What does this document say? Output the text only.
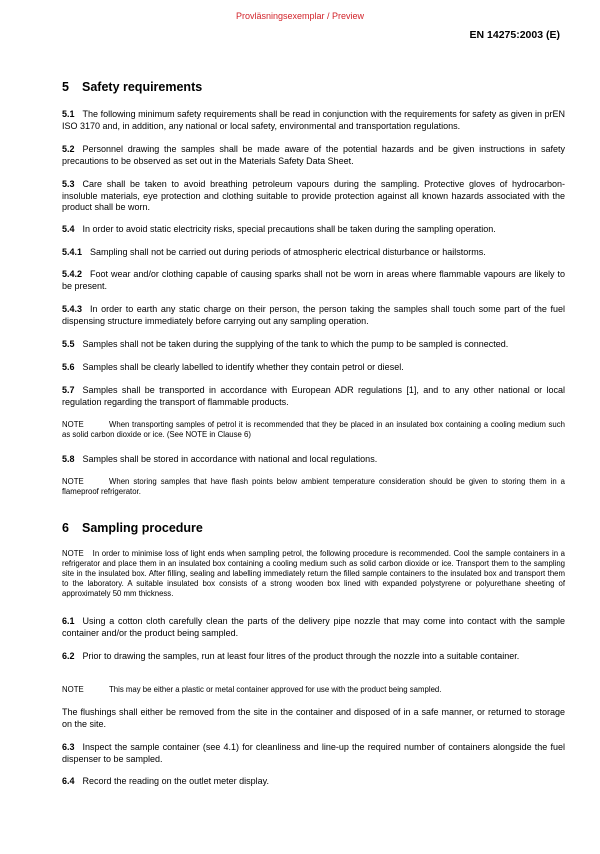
Provläsningsexemplar / Preview
EN 14275:2003 (E)
5 Safety requirements
5.1 The following minimum safety requirements shall be read in conjunction with the requirements for safety as given in prEN ISO 3170 and, in addition, any national or local safety, environmental and transportation regulations.
5.2 Personnel drawing the samples shall be made aware of the potential hazards and be given instructions in safety precautions to be observed as set out in the Materials Safety Data Sheet.
5.3 Care shall be taken to avoid breathing petroleum vapours during the sampling. Protective gloves of hydrocarbon-insoluble materials, eye protection and clothing suitable to provide protection against all known hazards associated with the product shall be worn.
5.4 In order to avoid static electricity risks, special precautions shall be taken during the sampling operation.
5.4.1 Sampling shall not be carried out during periods of atmospheric electrical disturbance or hailstorms.
5.4.2 Foot wear and/or clothing capable of causing sparks shall not be worn in areas where flammable vapours are likely to be present.
5.4.3 In order to earth any static charge on their person, the person taking the samples shall touch some part of the fuel dispensing structure immediately before carrying out any sampling operation.
5.5 Samples shall not be taken during the supplying of the tank to which the pump to be sampled is connected.
5.6 Samples shall be clearly labelled to identify whether they contain petrol or diesel.
5.7 Samples shall be transported in accordance with European ADR regulations [1], and to any other national or local regulation regarding the transport of flammable products.
NOTE	When transporting samples of petrol it is recommended that they be placed in an insulated box containing a cooling medium such as solid carbon dioxide or ice. (See NOTE in Clause 6)
5.8 Samples shall be stored in accordance with national and local regulations.
NOTE	When storing samples that have flash points below ambient temperature consideration should be given to storing them in a flameproof refrigerator.
6 Sampling procedure
NOTE In order to minimise loss of light ends when sampling petrol, the following procedure is recommended. Cool the sample containers in a refrigerator and place them in an insulated box containing a cooling medium such as solid carbon dioxide or ice. Transport them to the sampling site in the insulated box. After filling, sealing and labelling immediately return the filled sample containers to the insulated box and transport them to the laboratory. A suitable insulated box consists of a strong wooden box lined with expanded polystyrene or polyurethane sheeting of approximately 50 mm thickness.
6.1 Using a cotton cloth carefully clean the parts of the delivery pipe nozzle that may come into contact with the sample container and/or the product being sampled.
6.2 Prior to drawing the samples, run at least four litres of the product through the nozzle into a suitable container.
NOTE	This may be either a plastic or metal container approved for use with the product being sampled.
The flushings shall either be removed from the site in the container and disposed of in a safe manner, or returned to storage on the site.
6.3 Inspect the sample container (see 4.1) for cleanliness and line-up the required number of containers alongside the fuel dispenser to be sampled.
6.4 Record the reading on the outlet meter display.
